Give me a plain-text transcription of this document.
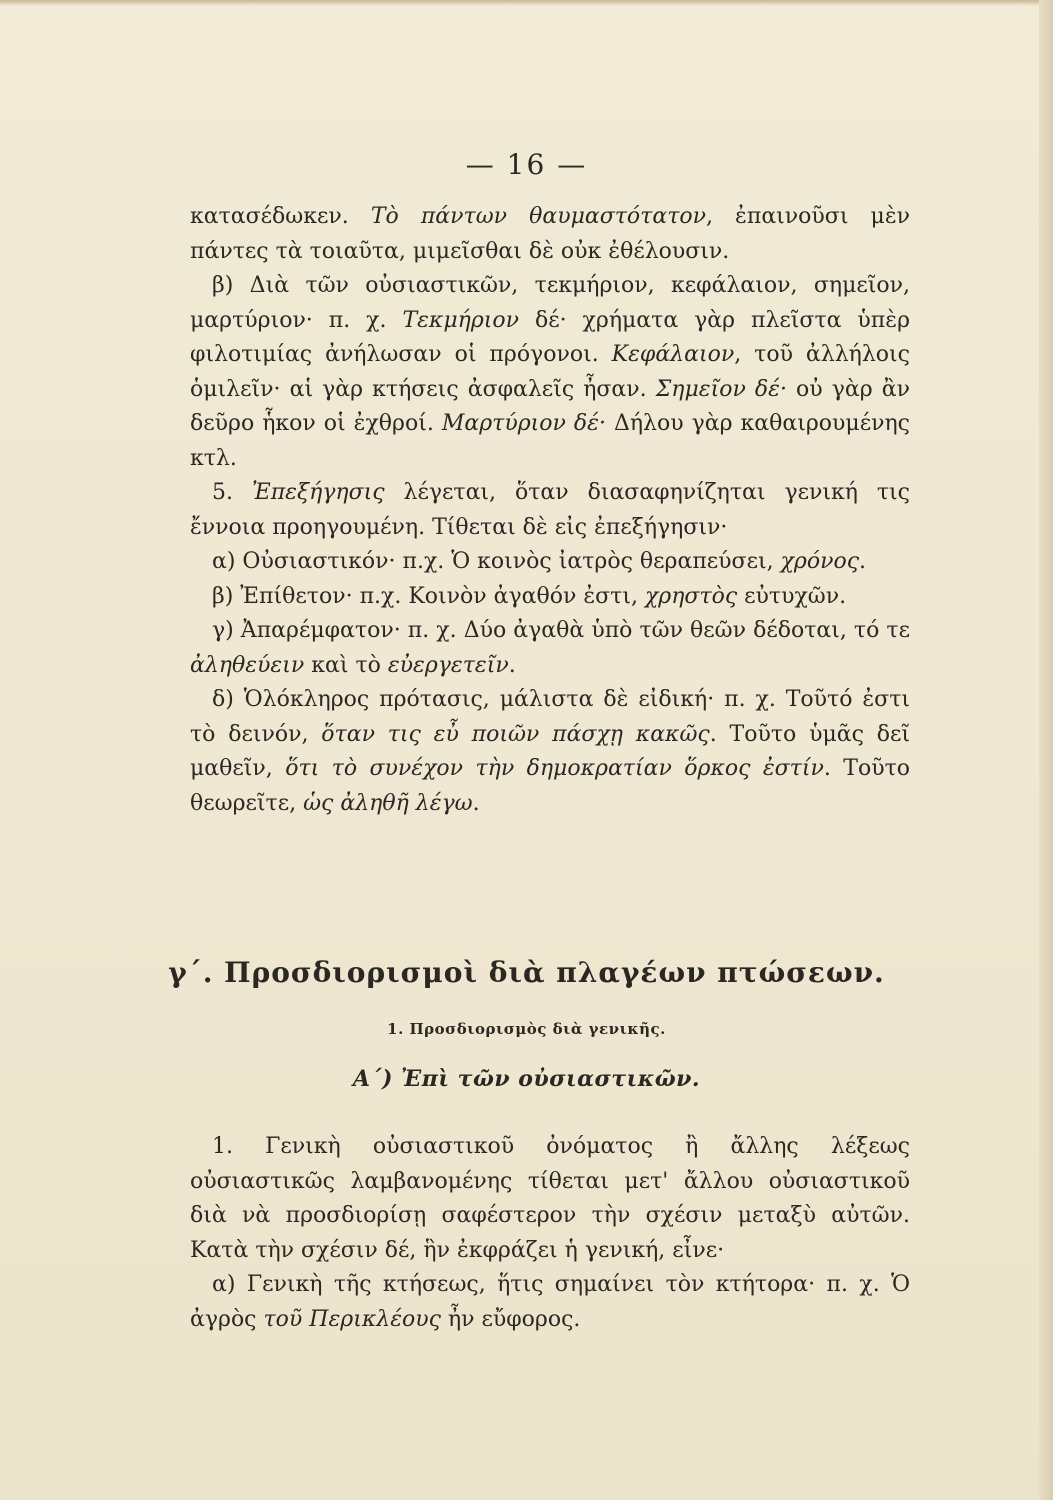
— 16 —

κατασέδωκεν. Τὸ πάντων θαυμαστότατον, ἐπαινοῦσι μὲν πάντες τὰ τοιαῦτα, μιμεῖσθαι δὲ οὐκ ἐθέλουσιν.

β) Διὰ τῶν οὐσιαστικῶν, τεκμήριον, κεφάλαιον, σημεῖον, μαρτύριον· π. χ. Τεκμήριον δέ· χρήματα γὰρ πλεῖστα ὑπὲρ φιλοτιμίας ἀνήλωσαν οἱ πρόγονοι. Κεφάλαιον, τοῦ ἀλλήλοις ὁμιλεῖν· αἱ γὰρ κτήσεις ἀσφαλεῖς ἦσαν. Σημεῖον δέ· οὐ γὰρ ἂν δεῦρο ἧκον οἱ ἐχθροί. Μαρτύριον δέ· Δήλου γὰρ καθαιρουμένης κτλ.

5. Ἐπεξήγησις λέγεται, ὅταν διασαφηνίζηται γενική τις ἔννοια προηγουμένη. Τίθεται δὲ εἰς ἐπεξήγησιν·

α) Οὐσιαστικόν· π.χ. Ὁ κοινὸς ἰατρὸς θεραπεύσει, χρόνος.

β) Ἐπίθετον· π.χ. Κοινὸν ἀγαθόν ἐστι, χρηστὸς εὐτυχῶν.

γ) Ἀπαρέμφατον· π. χ. Δύο ἀγαθὰ ὑπὸ τῶν θεῶν δέδοται, τό τε ἀληθεύειν καὶ τὸ εὐεργετεῖν.

δ) Ὁλόκληρος πρότασις, μάλιστα δὲ εἰδική· π. χ. Τοῦτό ἐστι τὸ δεινόν, ὅταν τις εὖ ποιῶν πάσχῃ κακῶς. Τοῦτο ὑμᾶς δεῖ μαθεῖν, ὅτι τὸ συνέχον τὴν δημοκρατίαν ὅρκος ἐστίν. Τοῦτο θεωρεῖτε, ὡς ἀληθῆ λέγω.

γ΄. Προσδιορισμοὶ διὰ πλαγέων πτώσεων.
1. Προσδιορισμὸς διὰ γενικῆς.
Α΄) Ἐπὶ τῶν οὐσιαστικῶν.

1. Γενικὴ οὐσιαστικοῦ ὀνόματος ἢ ἄλλης λέξεως οὐσιαστικῶς λαμβανομένης τίθεται μετ' ἄλλου οὐσιαστικοῦ διὰ νὰ προσδιορίσῃ σαφέστερον τὴν σχέσιν μεταξὺ αὐτῶν. Κατὰ τὴν σχέσιν δέ, ἣν ἐκφράζει ἡ γενική, εἶνε·

α) Γενικὴ τῆς κτήσεως, ἥτις σημαίνει τὸν κτήτορα· π. χ. Ὁ ἀγρὸς τοῦ Περικλέους ἦν εὔφορος.
